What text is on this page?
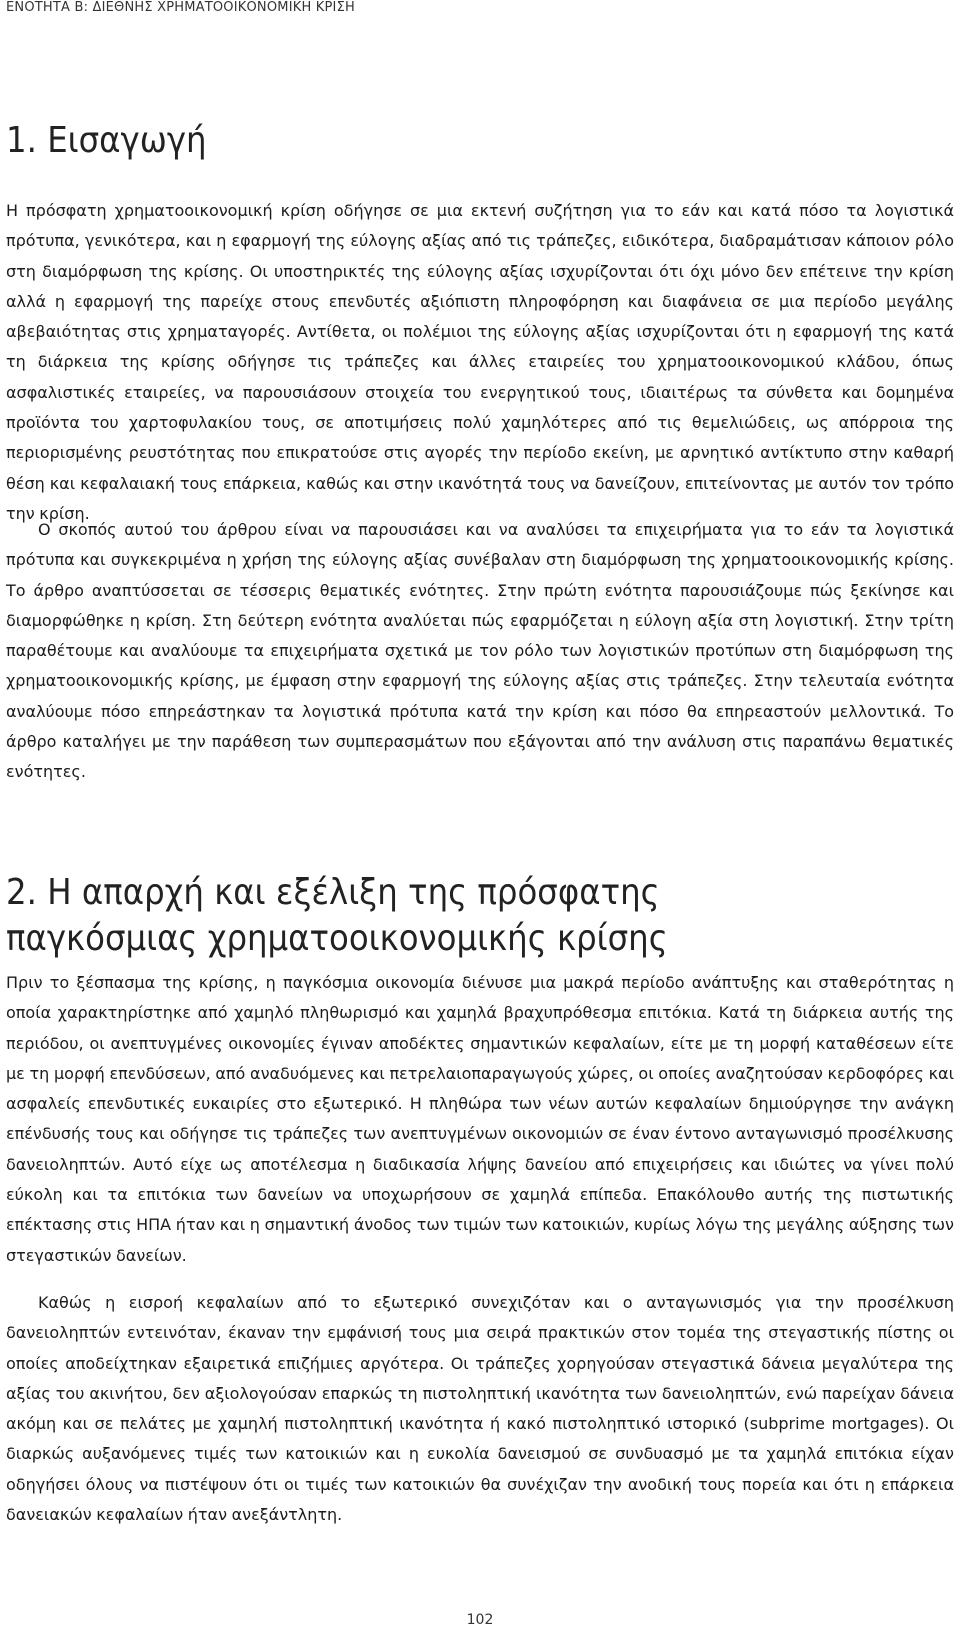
ΕΝΟΤΗΤΑ Β: ΔΙΕΘΝΗΣ ΧΡΗΜΑΤΟΟΙΚΟΝΟΜΙΚΗ ΚΡΙΣΗ
1. Εισαγωγή

Η πρόσφατη χρηματοοικονομική κρίση οδήγησε σε μια εκτενή συζήτηση για το εάν και κατά πόσο τα λογιστικά πρότυπα, γενικότερα, και η εφαρμογή της εύλογης αξίας από τις τράπεζες, ειδικότερα, διαδραμάτισαν κάποιον ρόλο στη διαμόρφωση της κρίσης. Οι υποστηρικτές της εύλογης αξίας ισχυρίζονται ότι όχι μόνο δεν επέτεινε την κρίση αλλά η εφαρμογή της παρείχε στους επενδυτές αξιόπιστη πληροφόρηση και διαφάνεια σε μια περίοδο μεγάλης αβεβαιότητας στις χρηματαγορές. Αντίθετα, οι πολέμιοι της εύλογης αξίας ισχυρίζονται ότι η εφαρμογή της κατά τη διάρκεια της κρίσης οδήγησε τις τράπεζες και άλλες εταιρείες του χρηματοοικονομικού κλάδου, όπως ασφαλιστικές εταιρείες, να παρουσιάσουν στοιχεία του ενεργητικού τους, ιδιαιτέρως τα σύνθετα και δομημένα προϊόντα του χαρτοφυλακίου τους, σε αποτιμήσεις πολύ χαμηλότερες από τις θεμελιώδεις, ως απόρροια της περιορισμένης ρευστότητας που επικρατούσε στις αγορές την περίοδο εκείνη, με αρνητικό αντίκτυπο στην καθαρή θέση και κεφαλαιακή τους επάρκεια, καθώς και στην ικανότητά τους να δανείζουν, επιτείνοντας με αυτόν τον τρόπο την κρίση.

Ο σκοπός αυτού του άρθρου είναι να παρουσιάσει και να αναλύσει τα επιχειρήματα για το εάν τα λογιστικά πρότυπα και συγκεκριμένα η χρήση της εύλογης αξίας συνέβαλαν στη διαμόρφωση της χρηματοοικονομικής κρίσης. Το άρθρο αναπτύσσεται σε τέσσερις θεματικές ενότητες. Στην πρώτη ενότητα παρουσιάζουμε πώς ξεκίνησε και διαμορφώθηκε η κρίση. Στη δεύτερη ενότητα αναλύεται πώς εφαρμόζεται η εύλογη αξία στη λογιστική. Στην τρίτη παραθέτουμε και αναλύουμε τα επιχειρήματα σχετικά με τον ρόλο των λογιστικών προτύπων στη διαμόρφωση της χρηματοοικονομικής κρίσης, με έμφαση στην εφαρμογή της εύλογης αξίας στις τράπεζες. Στην τελευταία ενότητα αναλύουμε πόσο επηρεάστηκαν τα λογιστικά πρότυπα κατά την κρίση και πόσο θα επηρεαστούν μελλοντικά. Το άρθρο καταλήγει με την παράθεση των συμπερασμάτων που εξάγονται από την ανάλυση στις παραπάνω θεματικές ενότητες.

2. Η απαρχή και εξέλιξη της πρόσφατης παγκόσμιας χρηματοοικονομικής κρίσης

Πριν το ξέσπασμα της κρίσης, η παγκόσμια οικονομία διένυσε μια μακρά περίοδο ανάπτυξης και σταθερότητας η οποία χαρακτηρίστηκε από χαμηλό πληθωρισμό και χαμηλά βραχυπρόθεσμα επιτόκια. Κατά τη διάρκεια αυτής της περιόδου, οι ανεπτυγμένες οικονομίες έγιναν αποδέκτες σημαντικών κεφαλαίων, είτε με τη μορφή καταθέσεων είτε με τη μορφή επενδύσεων, από αναδυόμενες και πετρελαιοπαραγωγούς χώρες, οι οποίες αναζητούσαν κερδοφόρες και ασφαλείς επενδυτικές ευκαιρίες στο εξωτερικό. Η πληθώρα των νέων αυτών κεφαλαίων δημιούργησε την ανάγκη επένδυσής τους και οδήγησε τις τράπεζες των ανεπτυγμένων οικονομιών σε έναν έντονο ανταγωνισμό προσέλκυσης δανειοληπτών. Αυτό είχε ως αποτέλεσμα η διαδικασία λήψης δανείου από επιχειρήσεις και ιδιώτες να γίνει πολύ εύκολη και τα επιτόκια των δανείων να υποχωρήσουν σε χαμηλά επίπεδα. Επακόλουθο αυτής της πιστωτικής επέκτασης στις ΗΠΑ ήταν και η σημαντική άνοδος των τιμών των κατοικιών, κυρίως λόγω της μεγάλης αύξησης των στεγαστικών δανείων.

Καθώς η εισροή κεφαλαίων από το εξωτερικό συνεχιζόταν και ο ανταγωνισμός για την προσέλκυση δανειοληπτών εντεινόταν, έκαναν την εμφάνισή τους μια σειρά πρακτικών στον τομέα της στεγαστικής πίστης οι οποίες αποδείχτηκαν εξαιρετικά επιζήμιες αργότερα. Οι τράπεζες χορηγούσαν στεγαστικά δάνεια μεγαλύτερα της αξίας του ακινήτου, δεν αξιολογούσαν επαρκώς τη πιστοληπτική ικανότητα των δανειοληπτών, ενώ παρείχαν δάνεια ακόμη και σε πελάτες με χαμηλή πιστοληπτική ικανότητα ή κακό πιστοληπτικό ιστορικό (subprime mortgages). Οι διαρκώς αυξανόμενες τιμές των κατοικιών και η ευκολία δανεισμού σε συνδυασμό με τα χαμηλά επιτόκια είχαν οδηγήσει όλους να πιστέψουν ότι οι τιμές των κατοικιών θα συνέχιζαν την ανοδική τους πορεία και ότι η επάρκεια δανειακών κεφαλαίων ήταν ανεξάντλητη.

102
